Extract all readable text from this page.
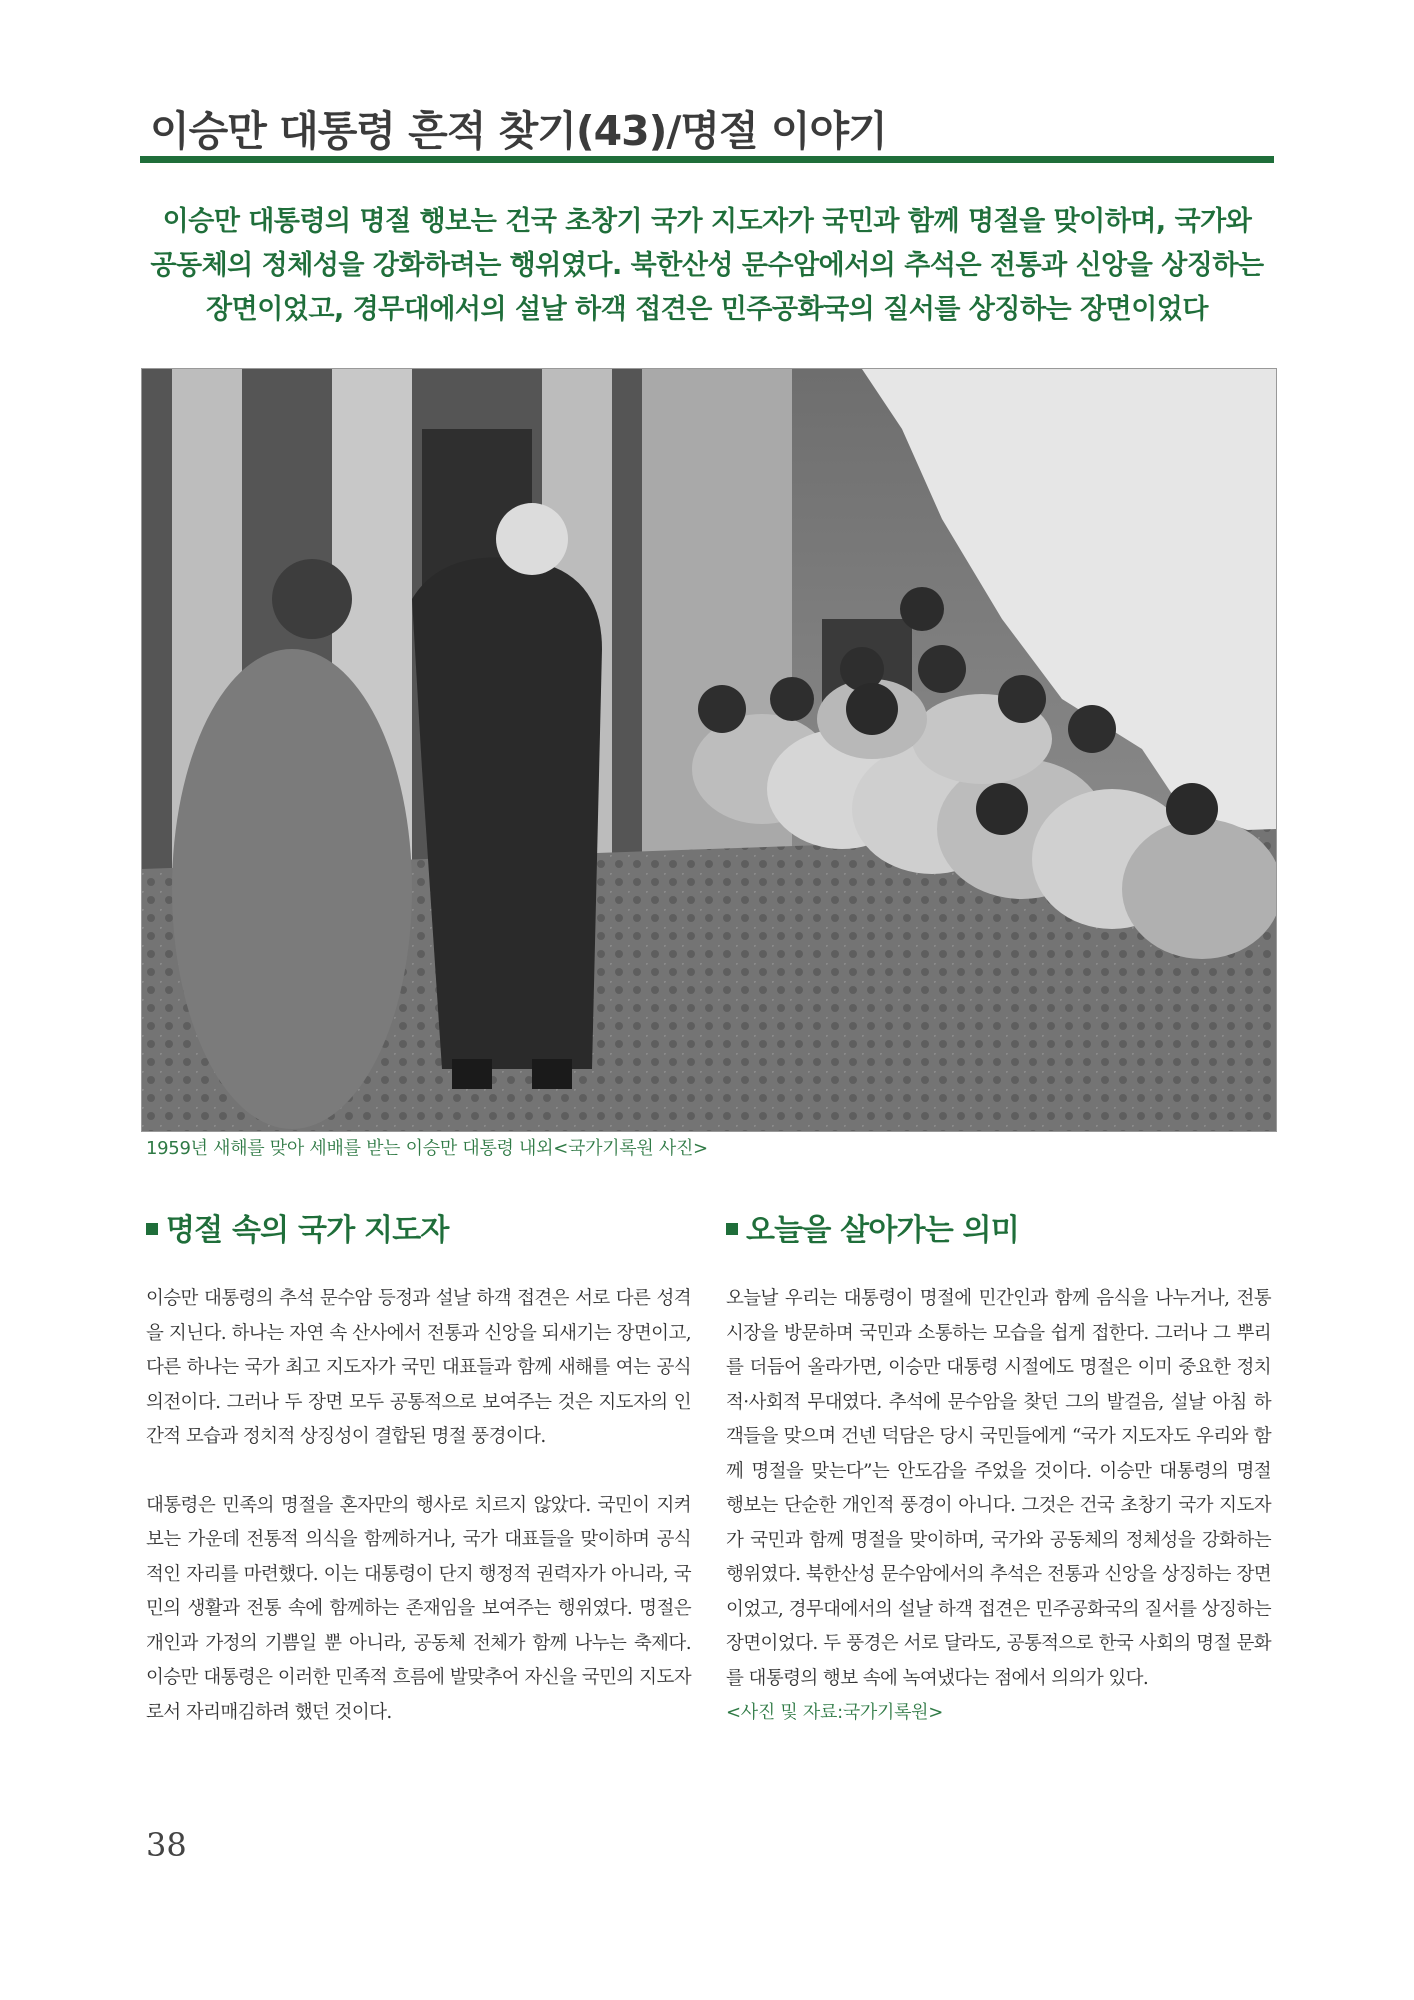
이승만 대통령 흔적 찾기(43)/명절 이야기
이승만 대통령의 명절 행보는 건국 초창기 국가 지도자가 국민과 함께 명절을 맞이하며, 국가와
공동체의 정체성을 강화하려는 행위였다. 북한산성 문수암에서의 추석은 전통과 신앙을 상징하는
장면이었고, 경무대에서의 설날 하객 접견은 민주공화국의 질서를 상징하는 장면이었다
1959년 새해를 맞아 세배를 받는 이승만 대통령 내외<국가기록원 사진>
명절 속의 국가 지도자

이승만 대통령의 추석 문수암 등정과 설날 하객 접견은 서로 다른 성격을 지닌다. 하나는 자연 속 산사에서 전통과 신앙을 되새기는 장면이고, 다른 하나는 국가 최고 지도자가 국민 대표들과 함께 새해를 여는 공식 의전이다. 그러나 두 장면 모두 공통적으로 보여주는 것은 지도자의 인간적 모습과 정치적 상징성이 결합된 명절 풍경이다.

대통령은 민족의 명절을 혼자만의 행사로 치르지 않았다. 국민이 지켜보는 가운데 전통적 의식을 함께하거나, 국가 대표들을 맞이하며 공식적인 자리를 마련했다. 이는 대통령이 단지 행정적 권력자가 아니라, 국민의 생활과 전통 속에 함께하는 존재임을 보여주는 행위였다. 명절은 개인과 가정의 기쁨일 뿐 아니라, 공동체 전체가 함께 나누는 축제다. 이승만 대통령은 이러한 민족적 흐름에 발맞추어 자신을 국민의 지도자로서 자리매김하려 했던 것이다.

오늘을 살아가는 의미

오늘날 우리는 대통령이 명절에 민간인과 함께 음식을 나누거나, 전통시장을 방문하며 국민과 소통하는 모습을 쉽게 접한다. 그러나 그 뿌리를 더듬어 올라가면, 이승만 대통령 시절에도 명절은 이미 중요한 정치적·사회적 무대였다. 추석에 문수암을 찾던 그의 발걸음, 설날 아침 하객들을 맞으며 건넨 덕담은 당시 국민들에게 “국가 지도자도 우리와 함께 명절을 맞는다”는 안도감을 주었을 것이다. 이승만 대통령의 명절 행보는 단순한 개인적 풍경이 아니다. 그것은 건국 초창기 국가 지도자가 국민과 함께 명절을 맞이하며, 국가와 공동체의 정체성을 강화하는 행위였다. 북한산성 문수암에서의 추석은 전통과 신앙을 상징하는 장면이었고, 경무대에서의 설날 하객 접견은 민주공화국의 질서를 상징하는 장면이었다. 두 풍경은 서로 달라도, 공통적으로 한국 사회의 명절 문화를 대통령의 행보 속에 녹여냈다는 점에서 의의가 있다.

<사진 및 자료:국가기록원>
38
